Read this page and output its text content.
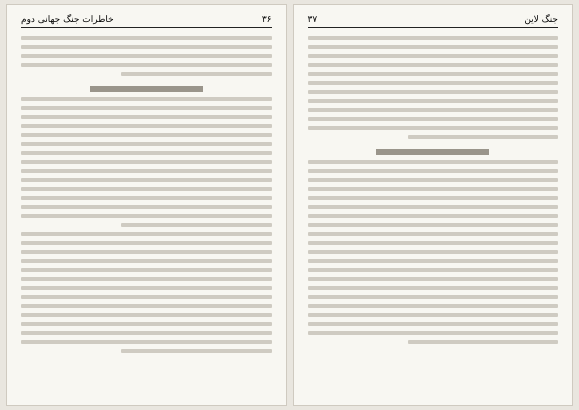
۳۶
خاطرات جنگ جهانی دوم	جنگ لاین
۳۷
